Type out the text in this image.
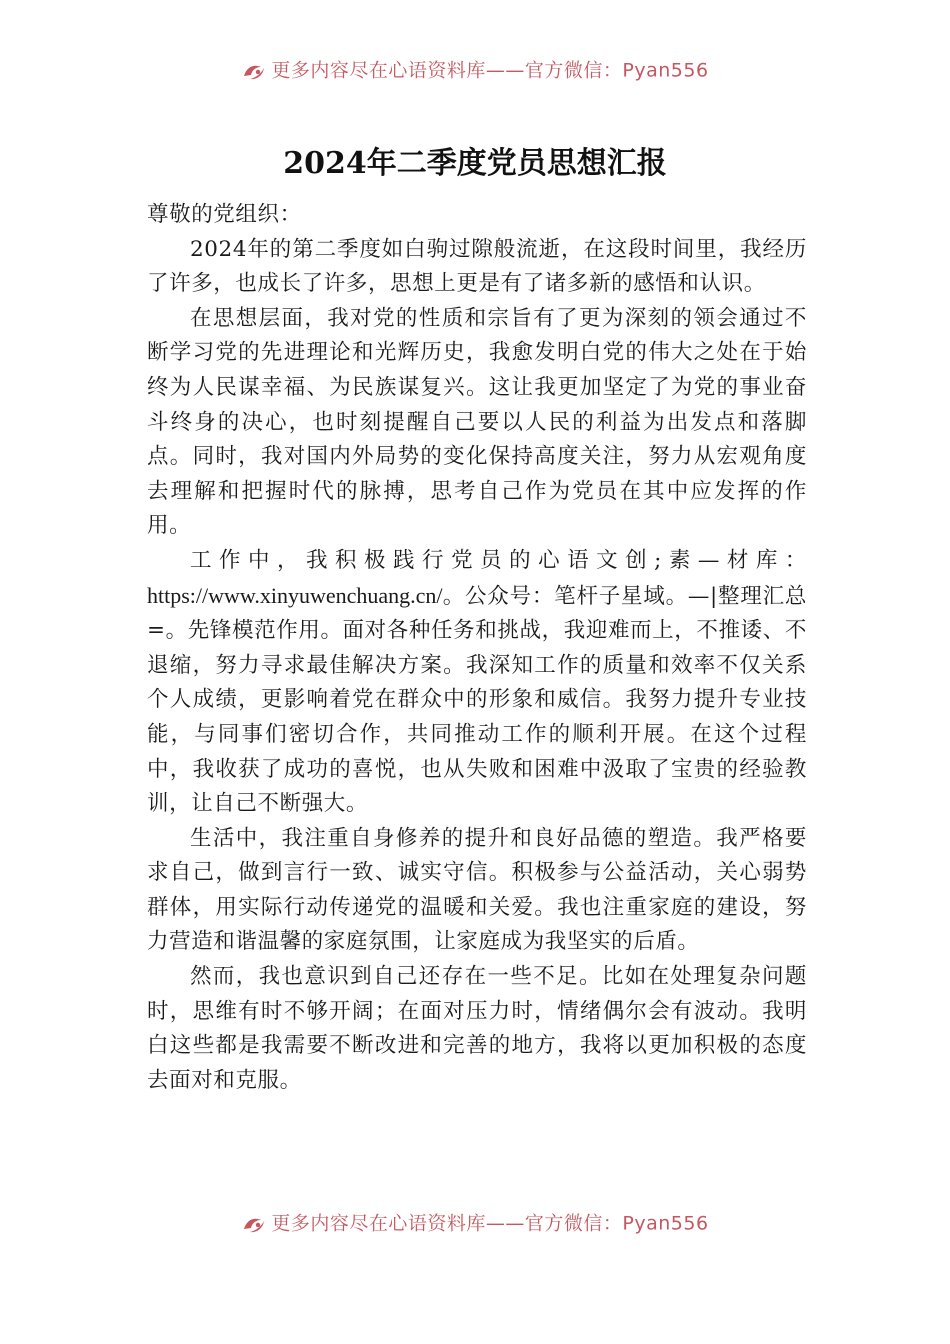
更多内容尽在心语资料库——官方微信：Pyan556
2024年二季度党员思想汇报

尊敬的党组织：

2024年的第二季度如白驹过隙般流逝，在这段时间里，我经历了许多，也成长了许多，思想上更是有了诸多新的感悟和认识。

在思想层面，我对党的性质和宗旨有了更为深刻的领会通过不断学习党的先进理论和光辉历史，我愈发明白党的伟大之处在于始终为人民谋幸福、为民族谋复兴。这让我更加坚定了为党的事业奋斗终身的决心，也时刻提醒自己要以人民的利益为出发点和落脚点。同时，我对国内外局势的变化保持高度关注，努力从宏观角度去理解和把握时代的脉搏，思考自己作为党员在其中应发挥的作用。

工作中，我积极践行党员的心语文创;素—材库：https://www.xinyuwenchuang.cn/。公众号：笔杆子星域。—|整理汇总=。先锋模范作用。面对各种任务和挑战，我迎难而上，不推诿、不退缩，努力寻求最佳解决方案。我深知工作的质量和效率不仅关系个人成绩，更影响着党在群众中的形象和威信。我努力提升专业技能，与同事们密切合作，共同推动工作的顺利开展。在这个过程中，我收获了成功的喜悦，也从失败和困难中汲取了宝贵的经验教训，让自己不断强大。

生活中，我注重自身修养的提升和良好品德的塑造。我严格要求自己，做到言行一致、诚实守信。积极参与公益活动，关心弱势群体，用实际行动传递党的温暖和关爱。我也注重家庭的建设，努力营造和谐温馨的家庭氛围，让家庭成为我坚实的后盾。

然而，我也意识到自己还存在一些不足。比如在处理复杂问题时，思维有时不够开阔；在面对压力时，情绪偶尔会有波动。我明白这些都是我需要不断改进和完善的地方，我将以更加积极的态度去面对和克服。

更多内容尽在心语资料库——官方微信：Pyan556
